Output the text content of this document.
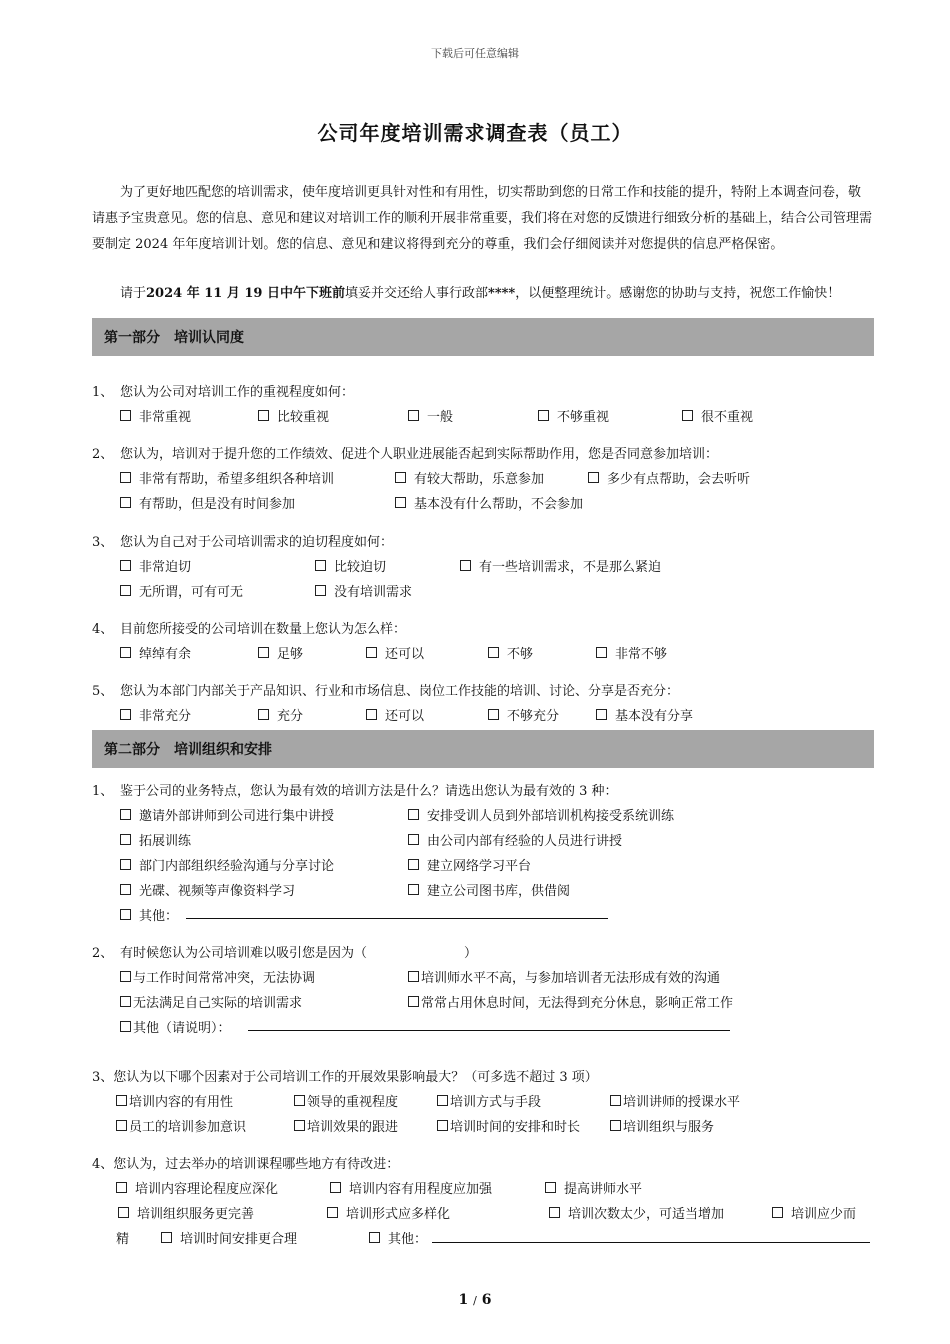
下载后可任意编辑
公司年度培训需求调查表（员工）
为了更好地匹配您的培训需求，使年度培训更具针对性和有用性，切实帮助到您的日常工作和技能的提升，特附上本调查问卷，敬请惠予宝贵意见。您的信息、意见和建议对培训工作的顺利开展非常重要，我们将在对您的反馈进行细致分析的基础上，结合公司管理需要制定 2024 年年度培训计划。您的信息、意见和建议将得到充分的尊重，我们会仔细阅读并对您提供的信息严格保密。
请于2024 年 11 月 19 日中午下班前填妥并交还给人事行政部****，以便整理统计。感谢您的协助与支持，祝您工作愉快！
第一部分　培训认同度
1、 您认为公司对培训工作的重视程度如何：
非常重视	比较重视	一般	不够重视	很不重视
2、 您认为，培训对于提升您的工作绩效、促进个人职业进展能否起到实际帮助作用，您是否同意参加培训：
非常有帮助，希望多组织各种培训	有较大帮助，乐意参加	多少有点帮助，会去听听
有帮助，但是没有时间参加	基本没有什么帮助，不会参加
3、 您认为自己对于公司培训需求的迫切程度如何：
非常迫切	比较迫切	有一些培训需求，不是那么紧迫
无所谓，可有可无	没有培训需求
4、 目前您所接受的公司培训在数量上您认为怎么样：
绰绰有余	足够	还可以	不够	非常不够
5、 您认为本部门内部关于产品知识、行业和市场信息、岗位工作技能的培训、讨论、分享是否充分：
非常充分	充分	还可以	不够充分	基本没有分享
第二部分　培训组织和安排
1、 鉴于公司的业务特点，您认为最有效的培训方法是什么？请选出您认为最有效的 3 种：
邀请外部讲师到公司进行集中讲授	安排受训人员到外部培训机构接受系统训练
拓展训练	由公司内部有经验的人员进行讲授
部门内部组织经验沟通与分享讨论	建立网络学习平台
光碟、视频等声像资料学习	建立公司图书库，供借阅
其他：
2、 有时候您认为公司培训难以吸引您是因为（	）
与工作时间常常冲突，无法协调	培训师水平不高，与参加培训者无法形成有效的沟通
无法满足自己实际的培训需求	常常占用休息时间，无法得到充分休息，影响正常工作
其他（请说明）：
3、您认为以下哪个因素对于公司培训工作的开展效果影响最大？（可多选不超过 3 项）
培训内容的有用性	领导的重视程度	培训方式与手段	培训讲师的授课水平
员工的培训参加意识	培训效果的跟进	培训时间的安排和时长	培训组织与服务
4、您认为，过去举办的培训课程哪些地方有待改进：
培训内容理论程度应深化	培训内容有用程度应加强	提高讲师水平
培训组织服务更完善	培训形式应多样化	培训次数太少，可适当增加	培训应少而
精	培训时间安排更合理	其他：
1 / 6
